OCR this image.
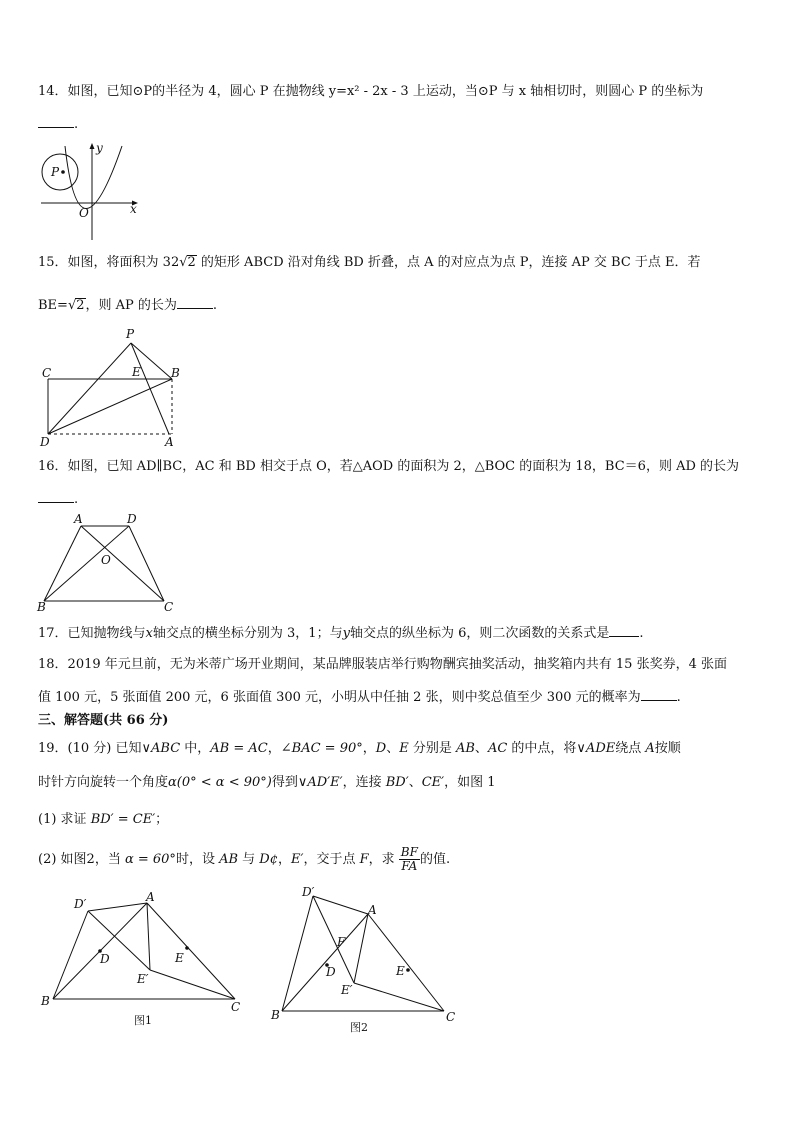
14．如图，已知⊙P的半径为 4，圆心 P 在抛物线 y=x² - 2x - 3 上运动，当⊙P 与 x 轴相切时，则圆心 P 的坐标为
.
P
y
x
O
15．如图，将面积为 32√2 的矩形 ABCD 沿对角线 BD 折叠，点 A 的对应点为点 P，连接 AP 交 BC 于点 E．若
BE=√2，则 AP 的长为	.
P
C	E	B
D	A
16．如图，已知 AD∥BC，AC 和 BD 相交于点 O，若△AOD 的面积为 2，△BOC 的面积为 18，BC＝6，则 AD 的长为
.
A	D
O
B	C
17．已知抛物线与x轴交点的横坐标分别为 3，1；与y轴交点的纵坐标为 6，则二次函数的关系式是 .
18．2019 年元旦前，无为米蒂广场开业期间，某品牌服装店举行购物酬宾抽奖活动，抽奖箱内共有 15 张奖券，4 张面
值 100 元，5 张面值 200 元，6 张面值 300 元，小明从中任抽 2 张，则中奖总值至少 300 元的概率为	.
三、解答题(共 66 分)
19．(10 分) 已知∨ABC 中，AB = AC，∠BAC = 90°，D、E 分别是 AB、AC 的中点，将∨ADE绕点 A按顺
时针方向旋转一个角度α(0° < α < 90°)得到∨AD′E′，连接 BD′、CE′，如图 1
(1) 求证 BD′ = CE′；
(2) 如图2，当 α = 60°时，设 AB 与 D¢，E′，交于点 F，求 $\frac{BF}{FA}$ 的值.
D′	A
D	E
E′
B	C
图1
D′
A
F
D	E
E′
B	C
图2
